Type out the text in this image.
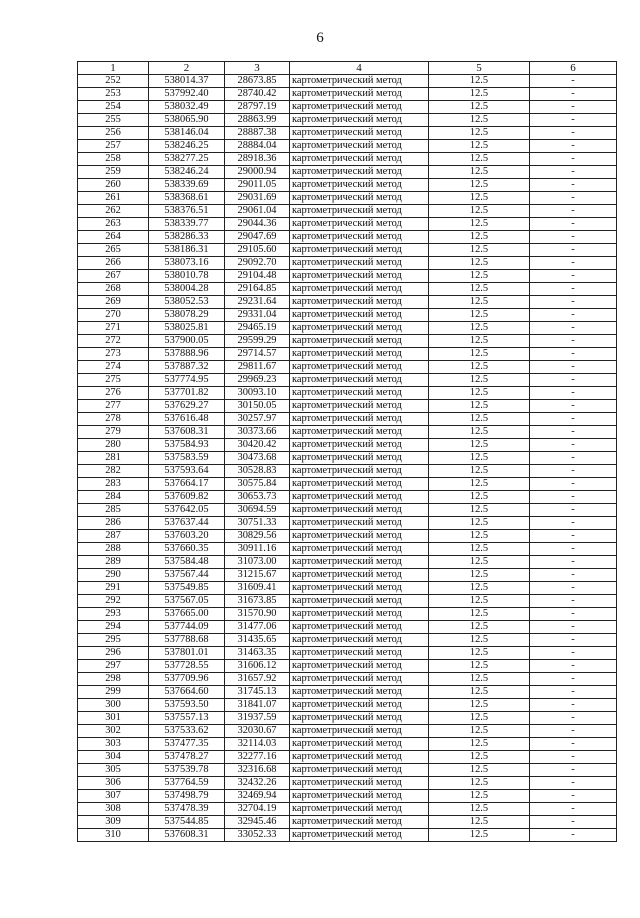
6
1	2	3	4	5	6
252	538014.37	28673.85	картометрический метод	12.5	-
253	537992.40	28740.42	картометрический метод	12.5	-
254	538032.49	28797.19	картометрический метод	12.5	-
255	538065.90	28863.99	картометрический метод	12.5	-
256	538146.04	28887.38	картометрический метод	12.5	-
257	538246.25	28884.04	картометрический метод	12.5	-
258	538277.25	28918.36	картометрический метод	12.5	-
259	538246.24	29000.94	картометрический метод	12.5	-
260	538339.69	29011.05	картометрический метод	12.5	-
261	538368.61	29031.69	картометрический метод	12.5	-
262	538376.51	29061.04	картометрический метод	12.5	-
263	538339.77	29044.36	картометрический метод	12.5	-
264	538286.33	29047.69	картометрический метод	12.5	-
265	538186.31	29105.60	картометрический метод	12.5	-
266	538073.16	29092.70	картометрический метод	12.5	-
267	538010.78	29104.48	картометрический метод	12.5	-
268	538004.28	29164.85	картометрический метод	12.5	-
269	538052.53	29231.64	картометрический метод	12.5	-
270	538078.29	29331.04	картометрический метод	12.5	-
271	538025.81	29465.19	картометрический метод	12.5	-
272	537900.05	29599.29	картометрический метод	12.5	-
273	537888.96	29714.57	картометрический метод	12.5	-
274	537887.32	29811.67	картометрический метод	12.5	-
275	537774.95	29969.23	картометрический метод	12.5	-
276	537701.82	30093.10	картометрический метод	12.5	-
277	537629.27	30150.05	картометрический метод	12.5	-
278	537616.48	30257.97	картометрический метод	12.5	-
279	537608.31	30373.66	картометрический метод	12.5	-
280	537584.93	30420.42	картометрический метод	12.5	-
281	537583.59	30473.68	картометрический метод	12.5	-
282	537593.64	30528.83	картометрический метод	12.5	-
283	537664.17	30575.84	картометрический метод	12.5	-
284	537609.82	30653.73	картометрический метод	12.5	-
285	537642.05	30694.59	картометрический метод	12.5	-
286	537637.44	30751.33	картометрический метод	12.5	-
287	537603.20	30829.56	картометрический метод	12.5	-
288	537660.35	30911.16	картометрический метод	12.5	-
289	537584.48	31073.00	картометрический метод	12.5	-
290	537567.44	31215.67	картометрический метод	12.5	-
291	537549.85	31609.41	картометрический метод	12.5	-
292	537567.05	31673.85	картометрический метод	12.5	-
293	537665.00	31570.90	картометрический метод	12.5	-
294	537744.09	31477.06	картометрический метод	12.5	-
295	537788.68	31435.65	картометрический метод	12.5	-
296	537801.01	31463.35	картометрический метод	12.5	-
297	537728.55	31606.12	картометрический метод	12.5	-
298	537709.96	31657.92	картометрический метод	12.5	-
299	537664.60	31745.13	картометрический метод	12.5	-
300	537593.50	31841.07	картометрический метод	12.5	-
301	537557.13	31937.59	картометрический метод	12.5	-
302	537533.62	32030.67	картометрический метод	12.5	-
303	537477.35	32114.03	картометрический метод	12.5	-
304	537478.27	32277.16	картометрический метод	12.5	-
305	537539.78	32316.68	картометрический метод	12.5	-
306	537764.59	32432.26	картометрический метод	12.5	-
307	537498.79	32469.94	картометрический метод	12.5	-
308	537478.39	32704.19	картометрический метод	12.5	-
309	537544.85	32945.46	картометрический метод	12.5	-
310	537608.31	33052.33	картометрический метод	12.5	-
